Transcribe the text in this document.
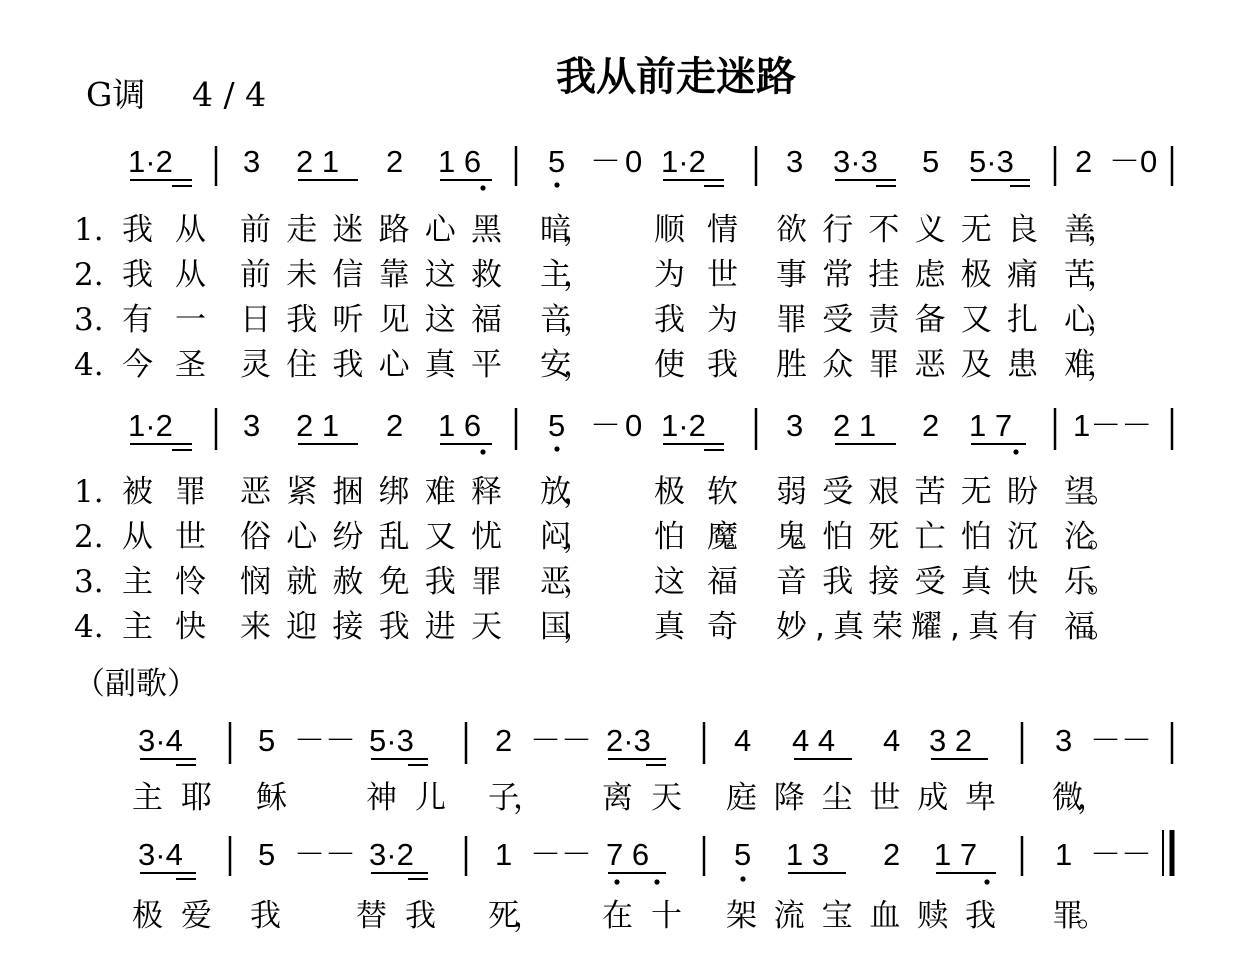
G调 4 / 4	我从前走迷路
1·2 3 2 1 2 1 6 5 － 0 1·2	3 3·3 5 5·3 2 － 0
1. 我从 前走迷路心黑 暗， 顺情 欲行不义无良 善，
2. 我从 前未信靠这救 主， 为世 事常挂虑极痛 苦，
3. 有一 日我听见这福 音， 我为 罪受责备又扎 心，
4. 今圣 灵住我心真平 安， 使我 胜众罪恶及患 难，
1·2 3 2 1 2 1 6 5 － 0 1·2	3 2 1 2 1 7 1－－
1. 被罪 恶紧捆绑难释 放， 极软 弱受艰苦无盼 望。
2. 从世 俗心纷乱又忧 闷， 怕魔 鬼怕死亡怕沉 沦。
3. 主怜 悯就赦免我罪 恶， 这福 音我接受真快 乐。
4. 主快 来迎接我进天 国， 真奇 妙,真荣耀,真有 福。
（副歌）
3·4 5 －－ 5·3	2 －－ 2·3	4 4 4 4 3 2	3 －－
主耶 稣	神儿 子， 离天 庭降尘世成卑 微，
3·4 5 －－ 3·2	1 －－ 7 6	5 1 3 2 1 7	1 －－
极爱 我 替我 死， 在十 架流宝血赎我 罪。
